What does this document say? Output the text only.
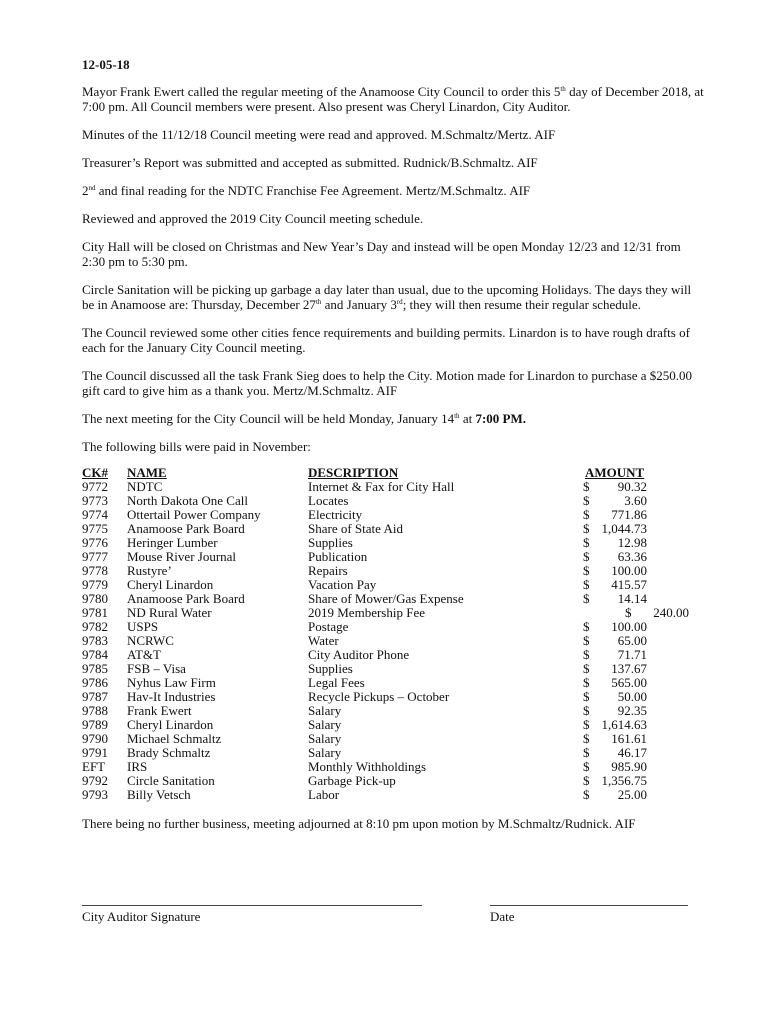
12-05-18

Mayor Frank Ewert called the regular meeting of the Anamoose City Council to order this 5th day of December 2018, at 7:00 pm. All Council members were present. Also present was Cheryl Linardon, City Auditor.

Minutes of the 11/12/18 Council meeting were read and approved. M.Schmaltz/Mertz. AIF

Treasurer’s Report was submitted and accepted as submitted. Rudnick/B.Schmaltz. AIF

2nd and final reading for the NDTC Franchise Fee Agreement. Mertz/M.Schmaltz. AIF

Reviewed and approved the 2019 City Council meeting schedule.

City Hall will be closed on Christmas and New Year’s Day and instead will be open Monday 12/23 and 12/31 from 2:30 pm to 5:30 pm.

Circle Sanitation will be picking up garbage a day later than usual, due to the upcoming Holidays. The days they will be in Anamoose are: Thursday, December 27th and January 3rd; they will then resume their regular schedule.

The Council reviewed some other cities fence requirements and building permits. Linardon is to have rough drafts of each for the January City Council meeting.

The Council discussed all the task Frank Sieg does to help the City. Motion made for Linardon to purchase a $250.00 gift card to give him as a thank you. Mertz/M.Schmaltz. AIF

The next meeting for the City Council will be held Monday, January 14th at 7:00 PM.

The following bills were paid in November:

CK#	NAME	DESCRIPTION	AMOUNT
9772	NDTC	Internet & Fax for City Hall	$ 90.32

9773	North Dakota One Call	Locates	$ 3.60

9774	Ottertail Power Company	Electricity	$ 771.86

9775	Anamoose Park Board	Share of State Aid	$ 1,044.73

9776	Heringer Lumber	Supplies	$ 12.98

9777	Mouse River Journal	Publication	$ 63.36

9778	Rustyre’	Repairs	$ 100.00

9779	Cheryl Linardon	Vacation Pay	$ 415.57

9780	Anamoose Park Board	Share of Mower/Gas Expense	$ 14.14

9781	ND Rural Water	2019 Membership Fee	$ 240.00

9782	USPS	Postage	$ 100.00

9783	NCRWC	Water	$ 65.00

9784	AT&T	City Auditor Phone	$ 71.71

9785	FSB – Visa	Supplies	$ 137.67

9786	Nyhus Law Firm	Legal Fees	$ 565.00

9787	Hav-It Industries	Recycle Pickups – October	$ 50.00

9788	Frank Ewert	Salary	$ 92.35

9789	Cheryl Linardon	Salary	$ 1,614.63

9790	Michael Schmaltz	Salary	$ 161.61

9791	Brady Schmaltz	Salary	$ 46.17

EFT	IRS	Monthly Withholdings	$ 985.90

9792	Circle Sanitation	Garbage Pick-up	$ 1,356.75

9793	Billy Vetsch	Labor	$ 25.00

There being no further business, meeting adjourned at 8:10 pm upon motion by M.Schmaltz/Rudnick. AIF

City Auditor Signature	Date
